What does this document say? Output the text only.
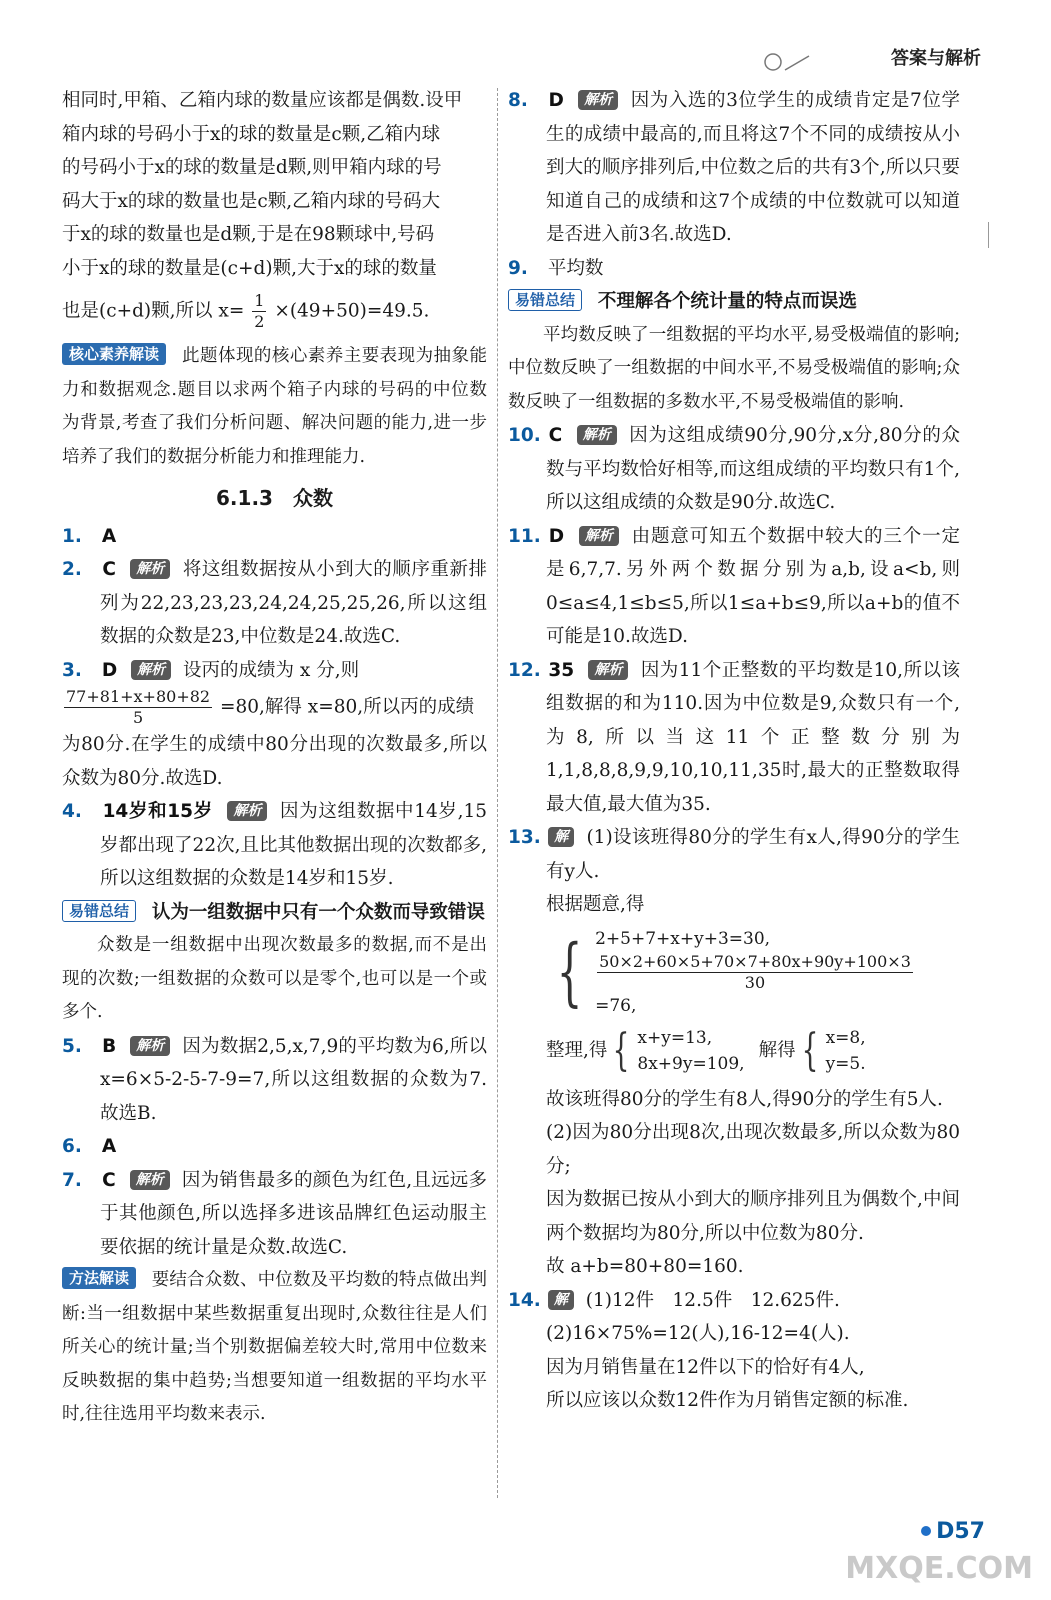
答案与解析

相同时,甲箱、乙箱内球的数量应该都是偶数.设甲

箱内球的号码小于x的球的数量是c颗,乙箱内球

的号码小于x的球的数量是d颗,则甲箱内球的号

码大于x的球的数量也是c颗,乙箱内球的号码大

于x的球的数量也是d颗,于是在98颗球中,号码

小于x的球的数量是(c+d)颗,大于x的球的数量

也是(c+d)颗,所以 $x= \frac{1}{2} \times(49+50)=49.5$.

核心素养解读 此题体现的核心素养主要表现为抽象能力和数据观念.题目以求两个箱子内球的号码的中位数为背景,考查了我们分析问题、解决问题的能力,进一步培养了我们的数据分析能力和推理能力.

6.1.3　众数

1. A

2. C 解析 将这组数据按从小到大的顺序重新排列为22,23,23,23,24,24,25,25,26,所以这组数据的众数是23,中位数是24.故选C.

3. D 解析 设丙的成绩为 x 分,则

$\frac{77+81+x+80+82}{5} =80$,解得 x=80,所以丙的成绩

为80分.在学生的成绩中80分出现的次数最多,所以众数为80分.故选D.

4. 14岁和15岁 解析 因为这组数据中14岁,15岁都出现了22次,且比其他数据出现的次数都多,所以这组数据的众数是14岁和15岁.

易错总结 认为一组数据中只有一个众数而导致错误

众数是一组数据中出现次数最多的数据,而不是出现的次数;一组数据的众数可以是零个,也可以是一个或多个.

5. B 解析 因为数据2,5,x,7,9的平均数为6,所以x=6×5-2-5-7-9=7,所以这组数据的众数为7.故选B.

6. A

7. C 解析 因为销售最多的颜色为红色,且远远多于其他颜色,所以选择多进该品牌红色运动服主要依据的统计量是众数.故选C.

方法解读 要结合众数、中位数及平均数的特点做出判断:当一组数据中某些数据重复出现时,众数往往是人们所关心的统计量;当个别数据偏差较大时,常用中位数来反映数据的集中趋势;当想要知道一组数据的平均水平时,往往选用平均数来表示.

8. D 解析 因为入选的3位学生的成绩肯定是7位学生的成绩中最高的,而且将这7个不同的成绩按从小到大的顺序排列后,中位数之后的共有3个,所以只要知道自己的成绩和这7个成绩的中位数就可以知道是否进入前3名.故选D.

9. 平均数

易错总结 不理解各个统计量的特点而误选

平均数反映了一组数据的平均水平,易受极端值的影响;中位数反映了一组数据的中间水平,不易受极端值的影响;众数反映了一组数据的多数水平,不易受极端值的影响.

10. C 解析 因为这组成绩90分,90分,x分,80分的众数与平均数恰好相等,而这组成绩的平均数只有1个,所以这组成绩的众数是90分.故选C.

11. D 解析 由题意可知五个数据中较大的三个一定是6,7,7.另外两个数据分别为a,b,设a<b,则0≤a≤4,1≤b≤5,所以1≤a+b≤9,所以a+b的值不可能是10.故选D.

12. 35 解析 因为11个正整数的平均数是10,所以该组数据的和为110.因为中位数是9,众数只有一个,为8,所以当这11个正整数分别为1,1,8,8,8,9,9,10,10,11,35时,最大的正整数取得最大值,最大值为35.

13. 解 (1)设该班得80分的学生有x人,得90分的学生有y人.

根据题意,得

{ 2+5+7+x+y+3=30,
$\frac{50\times 2+60\times 5+70\times 7+80x+90y+100\times 3}{30}$
=76,
整理,得 { x+y=13,
8x+9y=109,
解得 { x=8,
y=5.

故该班得80分的学生有8人,得90分的学生有5人.

(2)因为80分出现8次,出现次数最多,所以众数为80分;

因为数据已按从小到大的顺序排列且为偶数个,中间两个数据均为80分,所以中位数为80分.

故 a+b=80+80=160.

14. 解 (1)12件　12.5件　12.625件.

(2)16×75%=12(人),16-12=4(人).

因为月销售量在12件以下的恰好有4人,

所以应该以众数12件作为月销售定额的标准.

D57
MXQE.COM
